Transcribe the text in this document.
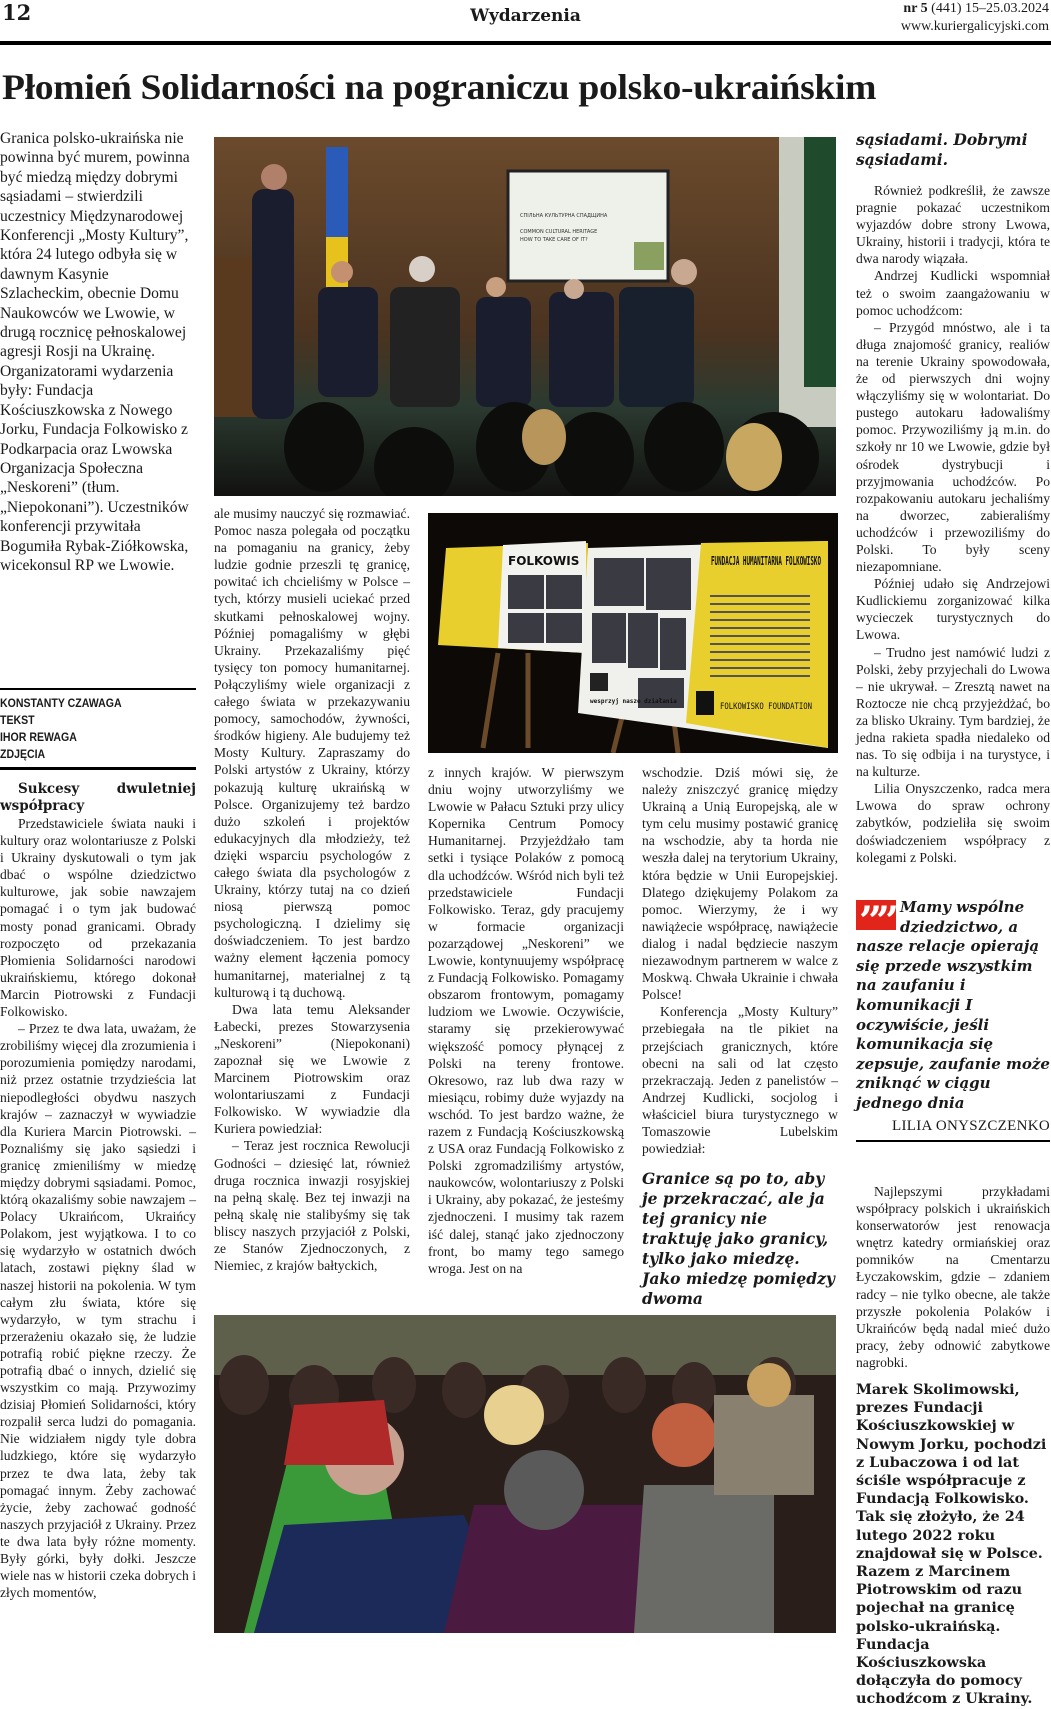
12	Wydarzenia	nr 5 (441) 15–25.03.2024
www.kuriergalicyjski.com
Płomień Solidarności na pograniczu polsko-ukraińskim
Granica polsko-ukraińska nie powinna być murem, powinna być miedzą między dobrymi sąsiadami – stwierdzili uczestnicy Międzynarodowej Konferencji „Mosty Kultury”, która 24 lutego odbyła się w dawnym Kasynie Szlacheckim, obecnie Domu Naukowców we Lwowie, w drugą rocznicę pełnoskalowej agresji Rosji na Ukrainę. Organizatorami wydarzenia były: Fundacja Kościuszkowska z Nowego Jorku, Fundacja Folkowisko z Podkarpacia oraz Lwowska Organizacja Społeczna „Neskoreni” (tłum. „Niepokonani”). Uczestników konferencji przywitała Bogumiła Rybak-Ziółkowska, wicekonsul RP we Lwowie.
KONSTANTY CZAWAGA
TEKST
IHOR REWAGA
ZDJĘCIA

Sukcesy dwuletniej współpracy

Przedstawiciele świata nauki i kultury oraz wolontariusze z Polski i Ukrainy dyskutowali o tym jak dbać o wspólne dziedzictwo kulturowe, jak sobie nawzajem pomagać i o tym jak budować mosty ponad granicami. Obrady rozpoczęto od przekazania Płomienia Solidarności narodowi ukraińskiemu, którego dokonał Marcin Piotrowski z Fundacji Folkowisko.

– Przez te dwa lata, uważam, że zrobiliśmy więcej dla zrozumienia i porozumienia pomiędzy narodami, niż przez ostatnie trzydzieścia lat niepodległości obydwu naszych krajów – zaznaczył w wywiadzie dla Kuriera Marcin Piotrowski. – Poznaliśmy się jako sąsiedzi i granicę zmieniliśmy w miedzę między dobrymi sąsiadami. Pomoc, którą okazaliśmy sobie nawzajem – Polacy Ukraińcom, Ukraińcy Polakom, jest wyjątkowa. I to co się wydarzyło w ostatnich dwóch latach, zostawi piękny ślad w naszej historii na pokolenia. W tym całym złu świata, które się wydarzyło, w tym strachu i przerażeniu okazało się, że ludzie potrafią robić piękne rzeczy. Że potrafią dbać o innych, dzielić się wszystkim co mają. Przywozimy dzisiaj Płomień Solidarności, który rozpalił serca ludzi do pomagania. Nie widziałem nigdy tyle dobra ludzkiego, które się wydarzyło przez te dwa lata, żeby tak pomagać innym. Żeby zachować życie, żeby zachować godność naszych przyjaciół z Ukrainy. Przez te dwa lata były różne momenty. Były górki, były dołki. Jeszcze wiele nas w historii czeka dobrych i złych momentów,

СПІЛЬНА КУЛЬТУРНА СПАДЩИНА
COMMON CULTURAL HERITAGE
HOW TO TAKE CARE OF IT?
FOLKOWIS
wesprzyj nasze działania
FUNDACJA HUMANITARNA FOLKOWISKO
FOLKOWISKO FOUNDATION

ale musimy nauczyć się rozmawiać. Pomoc nasza polegała od początku na pomaganiu na granicy, żeby ludzie godnie przeszli tę granicę, powitać ich chcieliśmy w Polsce – tych, którzy musieli uciekać przed skutkami pełnoskalowej wojny. Później pomagaliśmy w głębi Ukrainy. Przekazaliśmy pięć tysięcy ton pomocy humanitarnej. Połączyliśmy wiele organizacji z całego świata w przekazywaniu pomocy, samochodów, żywności, środków higieny. Ale budujemy też Mosty Kultury. Zapraszamy do Polski artystów z Ukrainy, którzy pokazują kulturę ukraińską w Polsce. Organizujemy też bardzo dużo szkoleń i projektów edukacyjnych dla młodzieży, też dzięki wsparciu psychologów z całego świata dla psychologów z Ukrainy, którzy tutaj na co dzień niosą pierwszą pomoc psychologiczną. I dzielimy się doświadczeniem. To jest bardzo ważny element łączenia pomocy humanitarnej, materialnej z tą kulturową i tą duchową.

Dwa lata temu Aleksander Łabecki, prezes Stowarzysenia „Neskoreni” (Niepokonani) zapoznał się we Lwowie z Marcinem Piotrowskim oraz wolontariuszami z Fundacji Folkowisko. W wywiadzie dla Kuriera powiedział:

– Teraz jest rocznica Rewolucji Godności – dziesięć lat, również druga rocznica inwazji rosyjskiej na pełną skalę. Bez tej inwazji na pełną skalę nie stalibyśmy się tak bliscy naszych przyjaciół z Polski, ze Stanów Zjednoczonych, z Niemiec, z krajów bałtyckich,

z innych krajów. W pierwszym dniu wojny utworzyliśmy we Lwowie w Pałacu Sztuki przy ulicy Kopernika Centrum Pomocy Humanitarnej. Przyjeżdżało tam setki i tysiące Polaków z pomocą dla uchodźców. Wśród nich byli też przedstawiciele Fundacji Folkowisko. Teraz, gdy pracujemy w formacie organizacji pozarządowej „Neskoreni” we Lwowie, kontynuujemy współpracę z Fundacją Folkowisko. Pomagamy obszarom frontowym, pomagamy ludziom we Lwowie. Oczywiście, staramy się przekierowywać większość pomocy płynącej z Polski na tereny frontowe. Okresowo, raz lub dwa razy w miesiącu, robimy duże wyjazdy na wschód. To jest bardzo ważne, że razem z Fundacją Kościuszkowską z USA oraz Fundacją Folkowisko z Polski zgromadziliśmy artystów, naukowców, wolontariuszy z Polski i Ukrainy, aby pokazać, że jesteśmy zjednoczeni. I musimy tak razem iść dalej, stanąć jako zjednoczony front, bo mamy tego samego wroga. Jest on na

wschodzie. Dziś mówi się, że należy zniszczyć granicę między Ukrainą a Unią Europejską, ale w tym celu musimy postawić granicę na wschodzie, aby ta horda nie weszła dalej na terytorium Ukrainy, która będzie w Unii Europejskiej. Dlatego dziękujemy Polakom za pomoc. Wierzymy, że i wy nawiążecie współpracę, nawiążecie dialog i nadal będziecie naszym niezawodnym partnerem w walce z Moskwą. Chwała Ukrainie i chwała Polsce!

Konferencja „Mosty Kultury” przebiegała na tle pikiet na przejściach granicznych, które obecni na sali od lat często przekraczają. Jeden z panelistów – Andrzej Kudlicki, socjolog i właściciel biura turystycznego w Tomaszowie Lubelskim powiedział:

Granice są po to, aby je przekraczać, ale ja tej granicy nie traktuję jako granicy, tylko jako miedzę. Jako miedzę pomiędzy dwoma
sąsiadami. Dobrymi sąsiadami.

Również podkreślił, że zawsze pragnie pokazać uczestnikom wyjazdów dobre strony Lwowa, Ukrainy, historii i tradycji, która te dwa narody wiązała.

Andrzej Kudlicki wspomniał też o swoim zaangażowaniu w pomoc uchodźcom:

– Przygód mnóstwo, ale i ta długa znajomość granicy, realiów na terenie Ukrainy spowodowała, że od pierwszych dni wojny włączyliśmy się w wolontariat. Do pustego autokaru ładowaliśmy pomoc. Przywoziliśmy ją m.in. do szkoły nr 10 we Lwowie, gdzie był ośrodek dystrybucji i przyjmowania uchodźców. Po rozpakowaniu autokaru jechaliśmy na dworzec, zabieraliśmy uchodźców i przewoziliśmy do Polski. To były sceny niezapomniane.

Później udało się Andrzejowi Kudlickiemu zorganizować kilka wycieczek turystycznych do Lwowa.

– Trudno jest namówić ludzi z Polski, żeby przyjechali do Lwowa – nie ukrywał. – Zresztą nawet na Roztocze nie chcą przyjeżdżać, bo za blisko Ukrainy. Tym bardziej, że jedna rakieta spadła niedaleko od nas. To się odbija i na turystyce, i na kulturze.

Lilia Onyszczenko, radca mera Lwowa do spraw ochrony zabytków, podzieliła się swoim doświadczeniem współpracy z kolegami z Polski.

”” Mamy wspólne dziedzictwo, a nasze relacje opierają się przede wszystkim na zaufaniu i komunikacji I oczywiście, jeśli komunikacja się zepsuje, zaufanie może zniknąć w ciągu jednego dnia
LILIA ONYSZCZENKO

Najlepszymi przykładami współpracy polskich i ukraińskich konserwatorów jest renowacja wnętrz katedry ormiańskiej oraz pomników na Cmentarzu Łyczakowskim, gdzie – zdaniem radcy – nie tylko obecne, ale także przyszłe pokolenia Polaków i Ukraińców będą nadal mieć dużo pracy, żeby odnowić zabytkowe nagrobki.

Marek Skolimowski, prezes Fundacji Kościuszkowskiej w Nowym Jorku, pochodzi z Lubaczowa i od lat ściśle współpracuje z Fundacją Folkowisko. Tak się złożyło, że 24 lutego 2022 roku znajdował się w Polsce. Razem z Marcinem Piotrowskim od razu pojechał na granicę polsko-ukraińską. Fundacja Kościuszkowska dołączyła do pomocy uchodźcom z Ukrainy.
